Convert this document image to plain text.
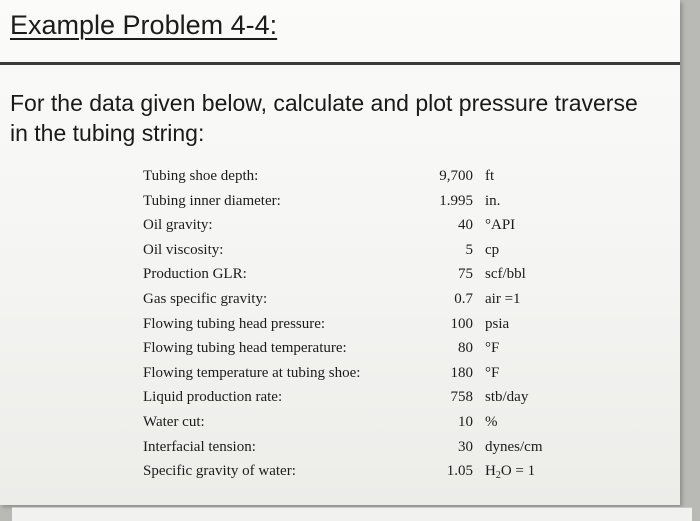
Example Problem 4-4:
For the data given below, calculate and plot pressure traverse in the tubing string:
Tubing shoe depth:	9,700 ft
Tubing inner diameter:	1.995 in.
Oil gravity:	40 °API
Oil viscosity:	5 cp
Production GLR:	75 scf/bbl
Gas specific gravity:	0.7 air =1
Flowing tubing head pressure:	100 psia
Flowing tubing head temperature:	80 °F
Flowing temperature at tubing shoe:	180 °F
Liquid production rate:	758 stb/day
Water cut:	10 %
Interfacial tension:	30 dynes/cm
Specific gravity of water:	1.05 $H_2O = 1$
